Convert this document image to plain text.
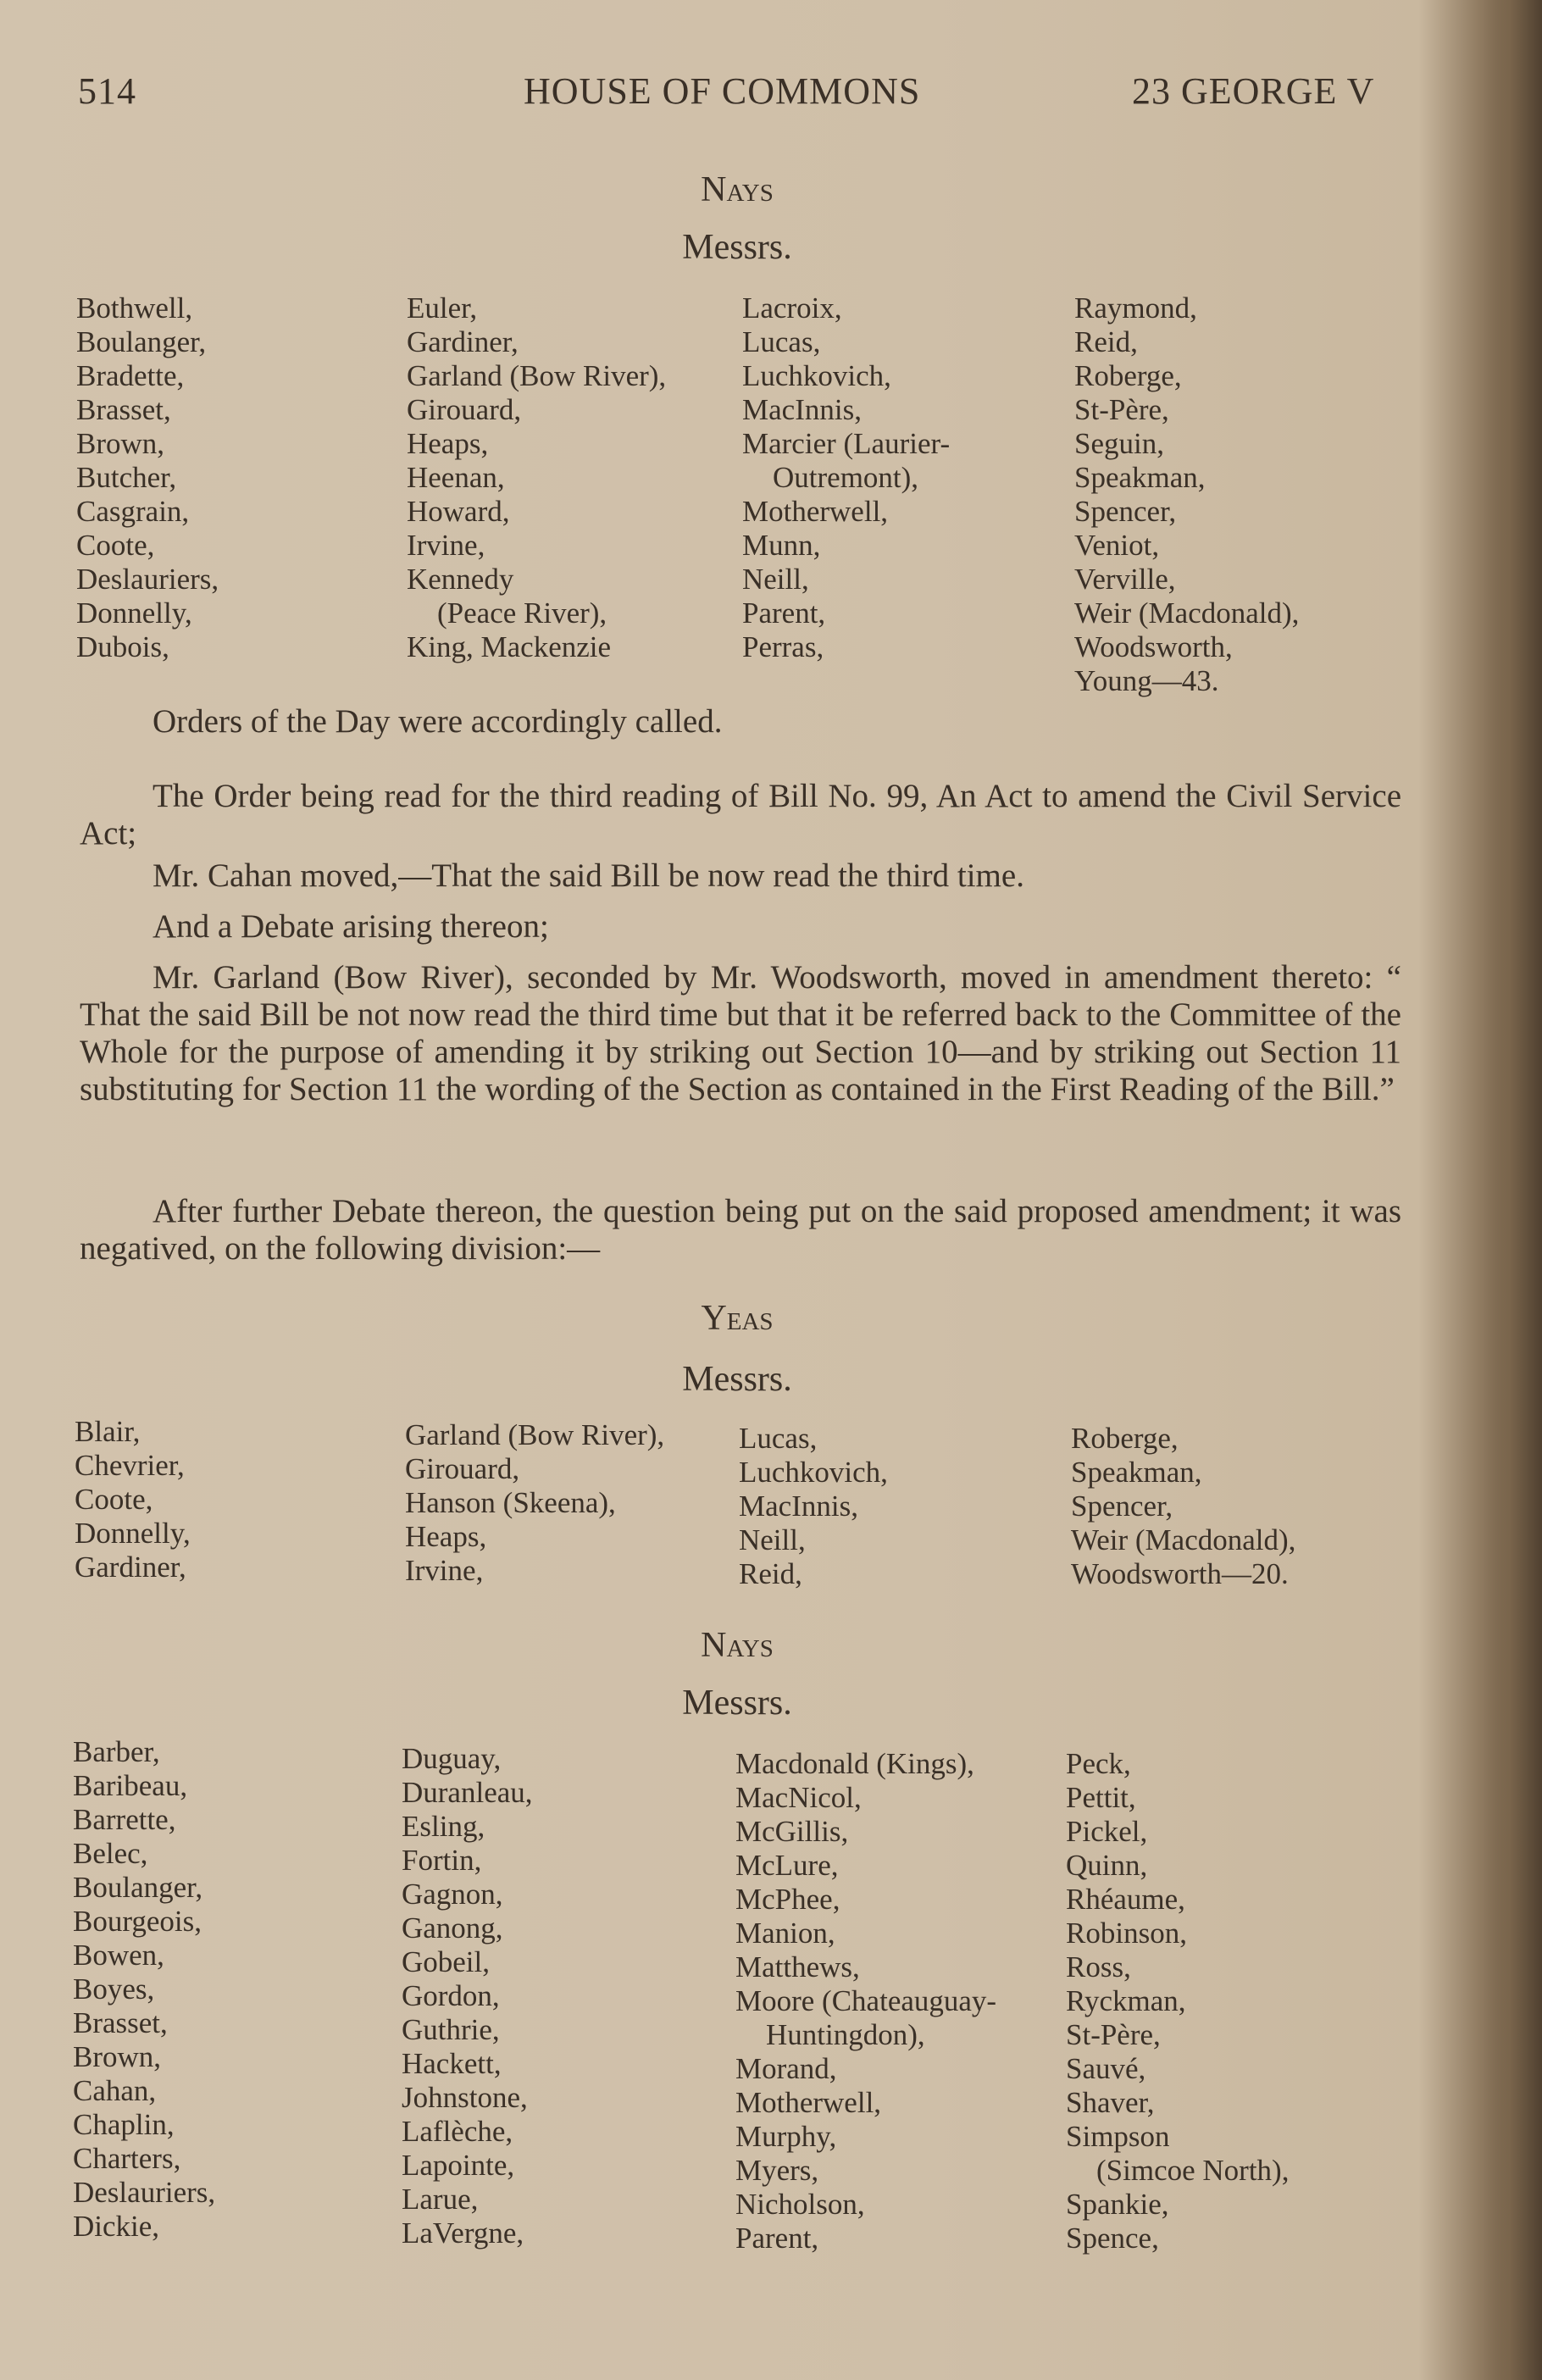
514	HOUSE OF COMMONS	23 GEORGE V
Nays
Messrs.
Bothwell,
Boulanger,
Bradette,
Brasset,
Brown,
Butcher,
Casgrain,
Coote,
Deslauriers,
Donnelly,
Dubois,
Euler,
Gardiner,
Garland (Bow River),
Girouard,
Heaps,
Heenan,
Howard,
Irvine,
Kennedy
(Peace River),
King, Mackenzie
Lacroix,
Lucas,
Luchkovich,
MacInnis,
Marcier (Laurier-
Outremont),
Motherwell,
Munn,
Neill,
Parent,
Perras,
Raymond,
Reid,
Roberge,
St-Père,
Seguin,
Speakman,
Spencer,
Veniot,
Verville,
Weir (Macdonald),
Woodsworth,
Young—43.

Orders of the Day were accordingly called.

The Order being read for the third reading of Bill No. 99, An Act to amend the Civil Service Act;

Mr. Cahan moved,—That the said Bill be now read the third time.

And a Debate arising thereon;

Mr. Garland (Bow River), seconded by Mr. Woodsworth, moved in amendment thereto: “ That the said Bill be not now read the third time but that it be referred back to the Committee of the Whole for the purpose of amending it by striking out Section 10—and by striking out Section 11 substituting for Section 11 the wording of the Section as contained in the First Reading of the Bill.”

After further Debate thereon, the question being put on the said proposed amendment; it was negatived, on the following division:—

Yeas
Messrs.
Blair,
Chevrier,
Coote,
Donnelly,
Gardiner,
Garland (Bow River),
Girouard,
Hanson (Skeena),
Heaps,
Irvine,
Lucas,
Luchkovich,
MacInnis,
Neill,
Reid,
Roberge,
Speakman,
Spencer,
Weir (Macdonald),
Woodsworth—20.
Nays
Messrs.
Barber,
Baribeau,
Barrette,
Belec,
Boulanger,
Bourgeois,
Bowen,
Boyes,
Brasset,
Brown,
Cahan,
Chaplin,
Charters,
Deslauriers,
Dickie,
Duguay,
Duranleau,
Esling,
Fortin,
Gagnon,
Ganong,
Gobeil,
Gordon,
Guthrie,
Hackett,
Johnstone,
Laflèche,
Lapointe,
Larue,
LaVergne,
Macdonald (Kings),
MacNicol,
McGillis,
McLure,
McPhee,
Manion,
Matthews,
Moore (Chateauguay-
Huntingdon),
Morand,
Motherwell,
Murphy,
Myers,
Nicholson,
Parent,
Peck,
Pettit,
Pickel,
Quinn,
Rhéaume,
Robinson,
Ross,
Ryckman,
St-Père,
Sauvé,
Shaver,
Simpson
(Simcoe North),
Spankie,
Spence,
